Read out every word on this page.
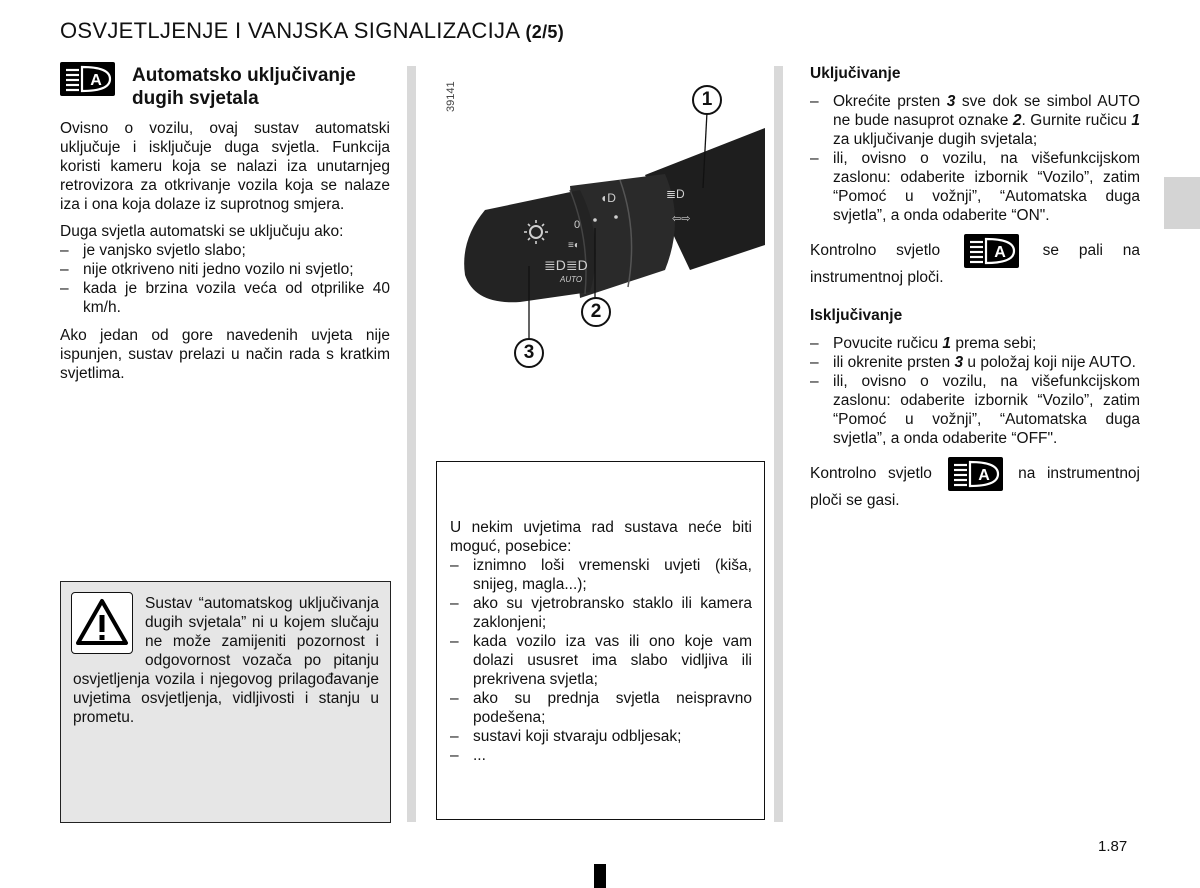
OSVJETLJENJE I VANJSKA SIGNALIZACIJA (2/5)
A Automatsko uključivanje
dugih svjetala

Ovisno o vozilu, ovaj sustav automatski uključuje i isključuje duga svjetla. Funkcija koristi kameru koja se nalazi iza unutarnjeg retrovizora za otkrivanje vozila koja se nalaze iza i ona koja dolaze iz suprotnog smjera.

Duga svjetla automatski se uključuju ako:

– je vanjsko svjetlo slabo;
– nije otkriveno niti jedno vozilo ni svjetlo;
– kada je brzina vozila veća od otprilike 40 km/h.

Ako jedan od gore navedenih uvjeta nije ispunjen, sustav prelazi u način rada s kratkim svjetlima.

Sustav “automatskog uključivanja dugih svjetala” ni u kojem slučaju ne može zamijeniti pozornost i odgovornost vozača po pitanju osvjetljenja vozila i njegovog prilagođavanje uvjetima osvjetljenja, vidljivosti i stanju u prometu.

39141
0
≡◐
≣D≣D
AUTO
◖D	≣D
⇦⇨
1
2
3

U nekim uvjetima rad sustava neće biti moguć, posebice:

– iznimno loši vremenski uvjeti (kiša, snijeg, magla...);
– ako su vjetrobransko staklo ili kamera zaklonjeni;
– kada vozilo iza vas ili ono koje vam dolazi ususret ima slabo vidljiva ili prekrivena svjetla;
– ako su prednja svjetla neispravno podešena;
– sustavi koji stvaraju odbljesak;
– ...

Uključivanje

– Okrećite prsten 3 sve dok se simbol AUTO ne bude nasuprot oznake 2. Gurnite ručicu 1 za uključivanje dugih svjetala;
– ili, ovisno o vozilu, na višefunkcijskom zaslonu: odaberite izbornik “Vozilo”, zatim “Pomoć u vožnji”, “Automatska duga svjetla”, a onda odaberite “ON".

Kontrolno svjetlo	A se pali na instrumentnoj ploči.

Isključivanje

– Povucite ručicu 1 prema sebi;
– ili okrenite prsten 3 u položaj koji nije AUTO.
– ili, ovisno o vozilu, na višefunkcijskom zaslonu: odaberite izbornik “Vozilo”, zatim “Pomoć u vožnji”, “Automatska duga svjetla”, a onda odaberite “OFF".

Kontrolno svjetlo	A na instrumentnoj ploči se gasi.

1.87
